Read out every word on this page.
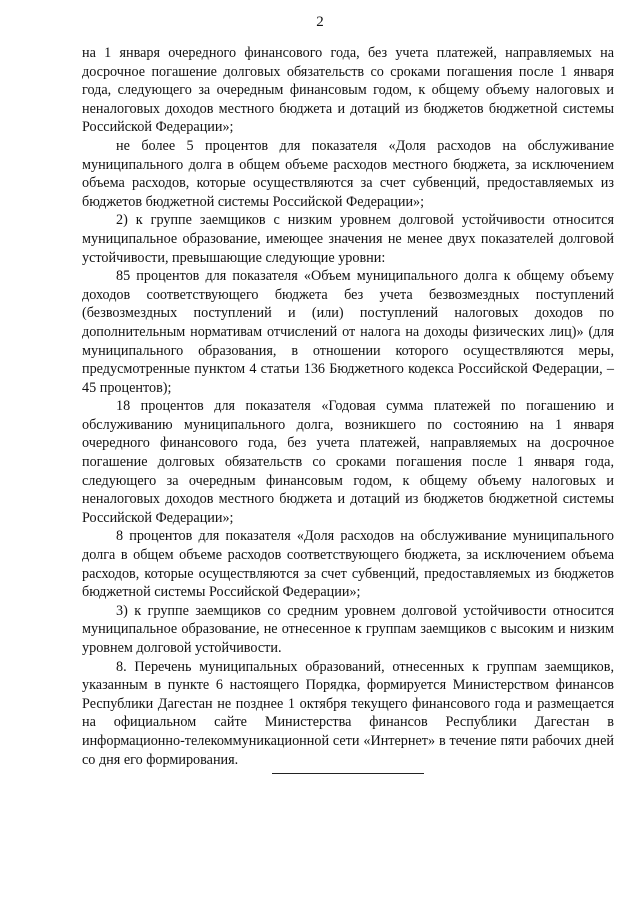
2

на 1 января очередного финансового года, без учета платежей, направляемых на досрочное погашение долговых обязательств со сроками погашения после 1 января года, следующего за очередным финансовым годом, к общему объему налоговых и неналоговых доходов местного бюджета и дотаций из бюджетов бюджетной системы Российской Федерации»;

не более 5 процентов для показателя «Доля расходов на обслуживание муниципального долга в общем объеме расходов местного бюджета, за исключением объема расходов, которые осуществляются за счет субвенций, предоставляемых из бюджетов бюджетной системы Российской Федерации»;

2) к группе заемщиков с низким уровнем долговой устойчивости относится муниципальное образование, имеющее значения не менее двух показателей долговой устойчивости, превышающие следующие уровни:

85 процентов для показателя «Объем муниципального долга к общему объему доходов соответствующего бюджета без учета безвозмездных поступлений (безвозмездных поступлений и (или) поступлений налоговых доходов по дополнительным нормативам отчислений от налога на доходы физических лиц)» (для муниципального образования, в отношении которого осуществляются меры, предусмотренные пунктом 4 статьи 136 Бюджетного кодекса Российской Федерации, – 45 процентов);

18 процентов для показателя «Годовая сумма платежей по погашению и обслуживанию муниципального долга, возникшего по состоянию на 1 января очередного финансового года, без учета платежей, направляемых на досрочное погашение долговых обязательств со сроками погашения после 1 января года, следующего за очередным финансовым годом, к общему объему налоговых и неналоговых доходов местного бюджета и дотаций из бюджетов бюджетной системы Российской Федерации»;

8 процентов для показателя «Доля расходов на обслуживание муниципального долга в общем объеме расходов соответствующего бюджета, за исключением объема расходов, которые осуществляются за счет субвенций, предоставляемых из бюджетов бюджетной системы Российской Федерации»;

3) к группе заемщиков со средним уровнем долговой устойчивости относится муниципальное образование, не отнесенное к группам заемщиков с высоким и низким уровнем долговой устойчивости.

8. Перечень муниципальных образований, отнесенных к группам заемщиков, указанным в пункте 6 настоящего Порядка, формируется Министерством финансов Республики Дагестан не позднее 1 октября текущего финансового года и размещается на официальном сайте Министерства финансов Республики Дагестан в информационно-телекоммуникационной сети «Интернет» в течение пяти рабочих дней со дня его формирования.
